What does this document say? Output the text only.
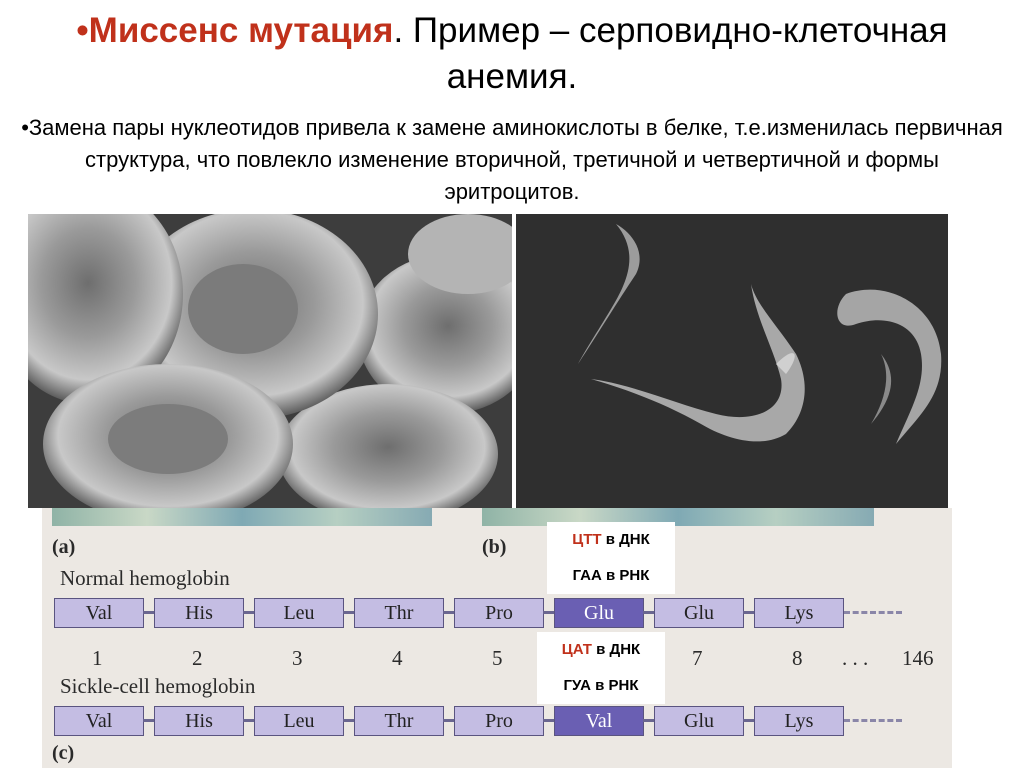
•Миссенс мутация. Пример – серповидно-клеточная анемия.
•Замена пары нуклеотидов привела к замене аминокислоты в белке, т.е.изменилась первичная структура, что повлекло изменение вторичной, третичной и четвертичной и формы эритроцитов.
(a)	(b)
Normal hemoglobin
Val	His	Leu	Thr	Pro	Glu	Glu	Lys
1	2	3	4	5	7	8 . . . 146
Sickle-cell hemoglobin
Val	His	Leu	Thr	Pro	Val	Glu	Lys
(c)
ЦТТ в ДНК
ГАА в РНК
ЦАТ в ДНК
ГУА в РНК
